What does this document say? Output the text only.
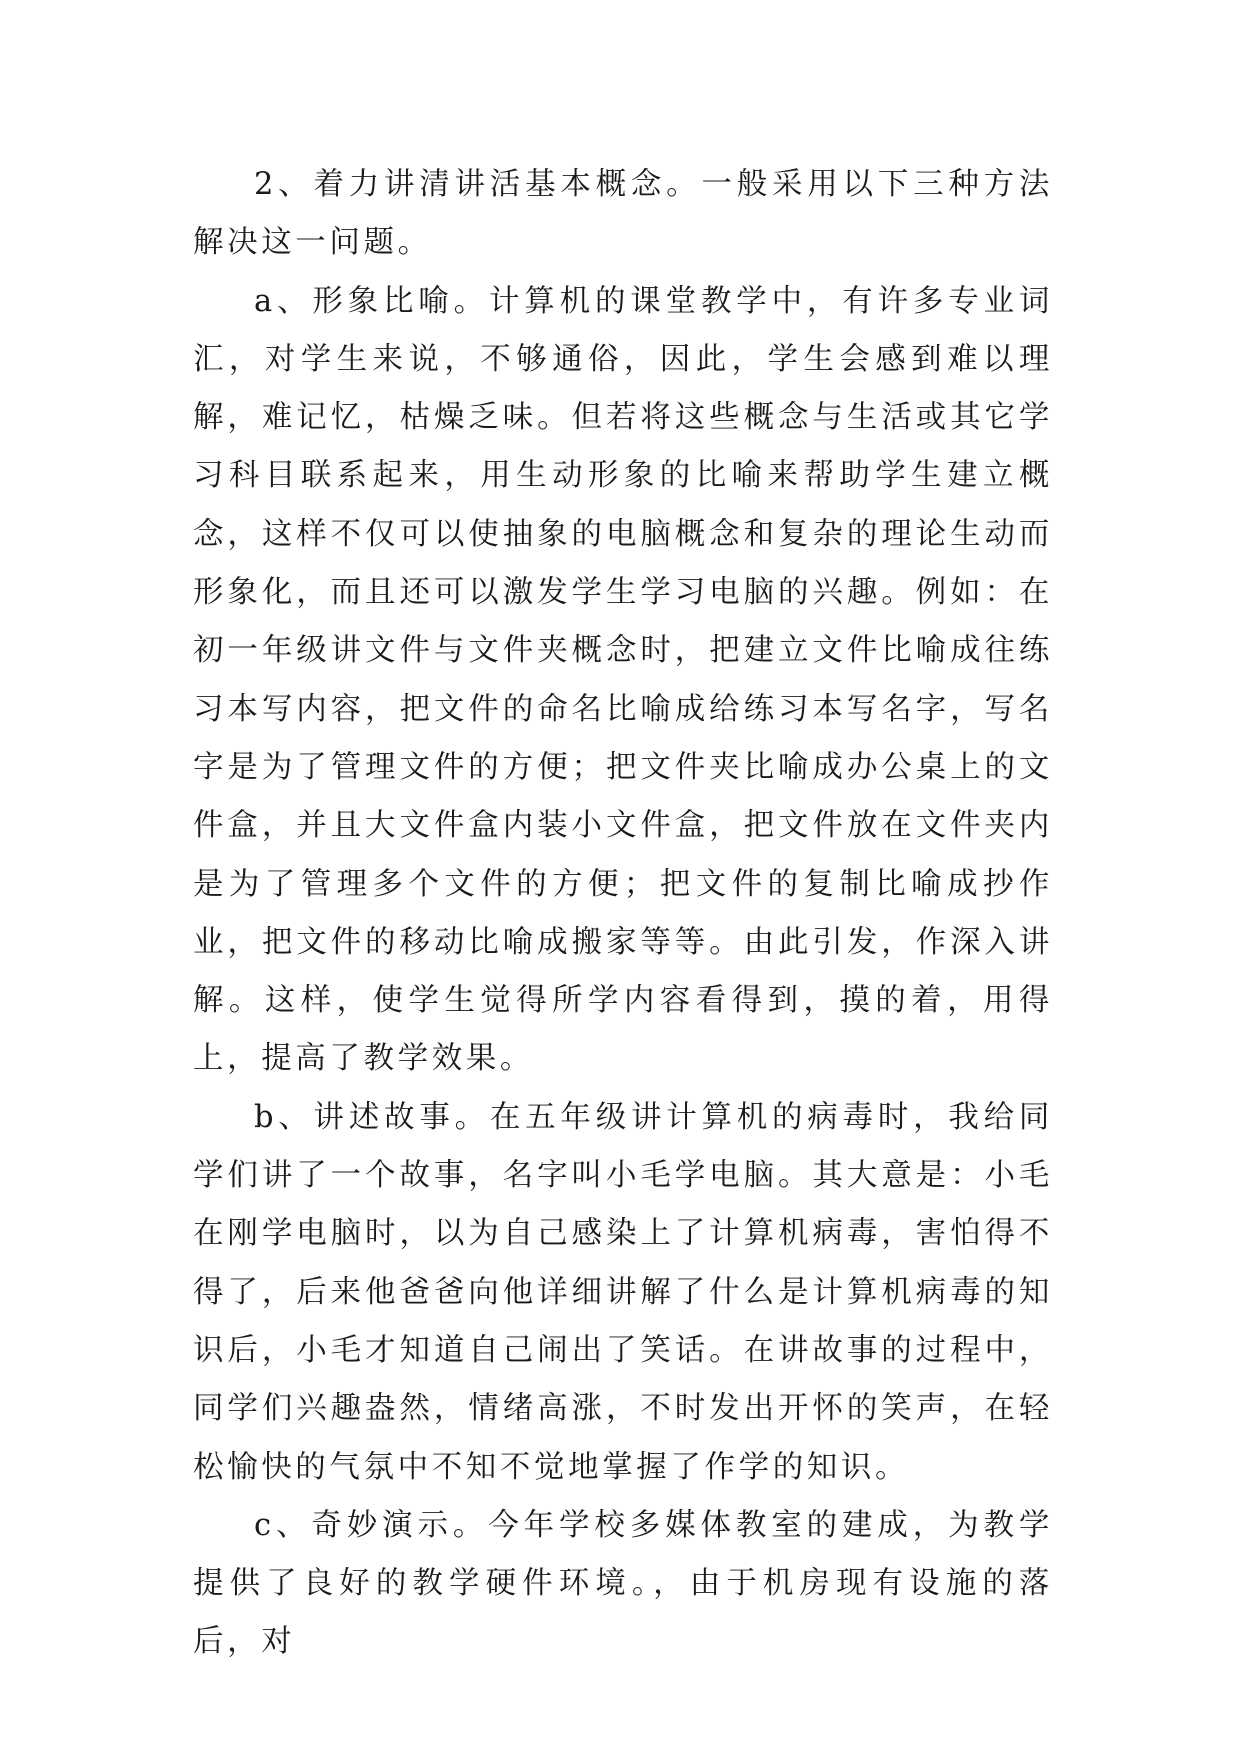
2、着力讲清讲活基本概念。一般采用以下三种方法解决这一问题。

a、形象比喻。计算机的课堂教学中，有许多专业词汇，对学生来说，不够通俗，因此，学生会感到难以理解，难记忆，枯燥乏味。但若将这些概念与生活或其它学习科目联系起来，用生动形象的比喻来帮助学生建立概念，这样不仅可以使抽象的电脑概念和复杂的理论生动而形象化，而且还可以激发学生学习电脑的兴趣。例如：在初一年级讲文件与文件夹概念时，把建立文件比喻成往练习本写内容，把文件的命名比喻成给练习本写名字，写名字是为了管理文件的方便；把文件夹比喻成办公桌上的文件盒，并且大文件盒内装小文件盒，把文件放在文件夹内是为了管理多个文件的方便；把文件的复制比喻成抄作业，把文件的移动比喻成搬家等等。由此引发，作深入讲解。这样，使学生觉得所学内容看得到，摸的着，用得上，提高了教学效果。

b、讲述故事。在五年级讲计算机的病毒时，我给同学们讲了一个故事，名字叫小毛学电脑。其大意是：小毛在刚学电脑时，以为自己感染上了计算机病毒，害怕得不得了，后来他爸爸向他详细讲解了什么是计算机病毒的知识后，小毛才知道自己闹出了笑话。在讲故事的过程中，同学们兴趣盎然，情绪高涨，不时发出开怀的笑声，在轻松愉快的气氛中不知不觉地掌握了作学的知识。

c、奇妙演示。今年学校多媒体教室的建成，为教学提供了良好的教学硬件环境。，由于机房现有设施的落后，对
